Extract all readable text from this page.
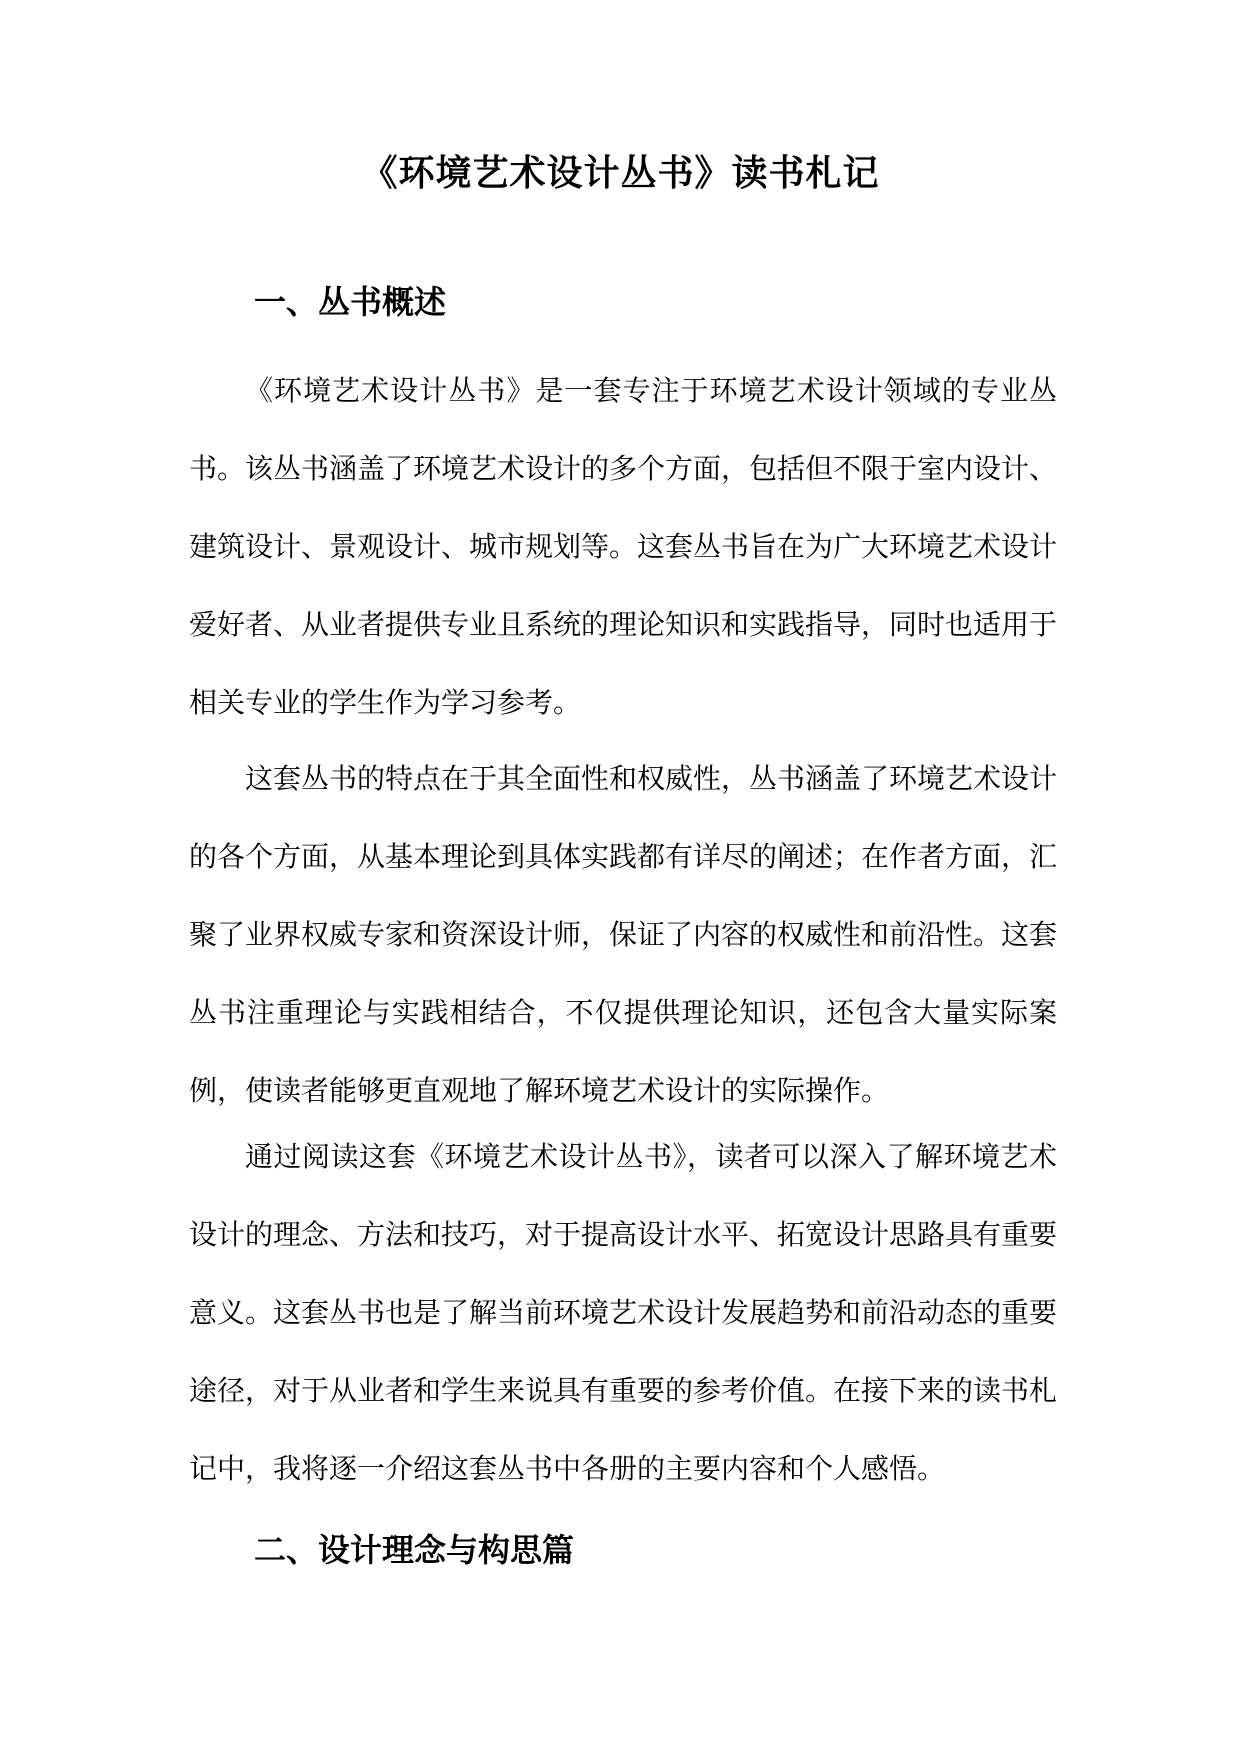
《环境艺术设计丛书》读书札记
一、丛书概述

《环境艺术设计丛书》是一套专注于环境艺术设计领域的专业丛书。该丛书涵盖了环境艺术设计的多个方面，包括但不限于室内设计、建筑设计、景观设计、城市规划等。这套丛书旨在为广大环境艺术设计爱好者、从业者提供专业且系统的理论知识和实践指导，同时也适用于相关专业的学生作为学习参考。

这套丛书的特点在于其全面性和权威性，丛书涵盖了环境艺术设计的各个方面，从基本理论到具体实践都有详尽的阐述；在作者方面，汇聚了业界权威专家和资深设计师，保证了内容的权威性和前沿性。这套丛书注重理论与实践相结合，不仅提供理论知识，还包含大量实际案例，使读者能够更直观地了解环境艺术设计的实际操作。

通过阅读这套《环境艺术设计丛书》，读者可以深入了解环境艺术设计的理念、方法和技巧，对于提高设计水平、拓宽设计思路具有重要意义。这套丛书也是了解当前环境艺术设计发展趋势和前沿动态的重要途径，对于从业者和学生来说具有重要的参考价值。在接下来的读书札记中，我将逐一介绍这套丛书中各册的主要内容和个人感悟。

二、设计理念与构思篇
